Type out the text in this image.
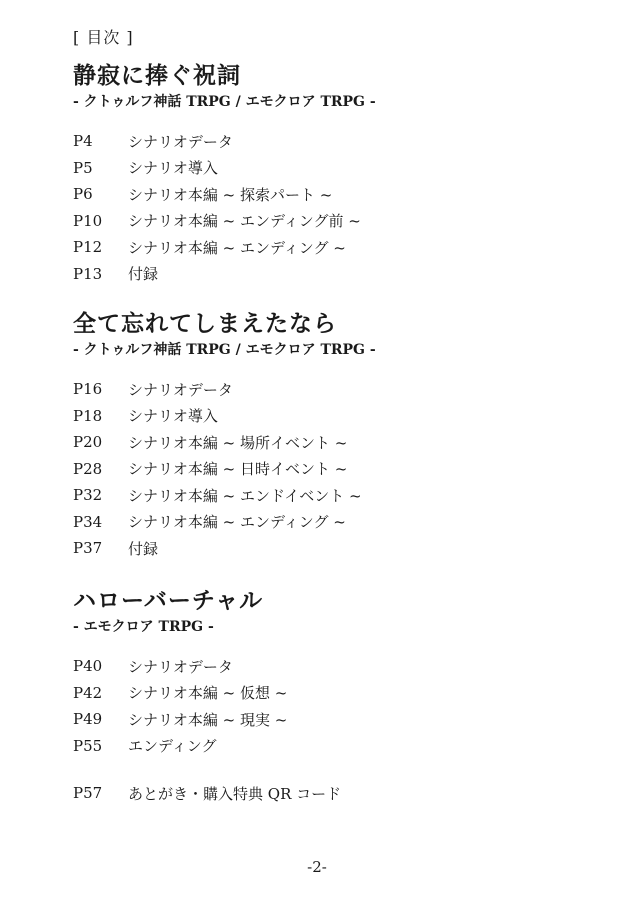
[ 目次 ]
静寂に捧ぐ祝詞
- クトゥルフ神話 TRPG / エモクロア TRPG -
P4	シナリオデータ
P5	シナリオ導入
P6	シナリオ本編 ~ 探索パート ~
P10	シナリオ本編 ~ エンディング前 ~
P12	シナリオ本編 ~ エンディング ~
P13	付録
全て忘れてしまえたなら
- クトゥルフ神話 TRPG / エモクロア TRPG -
P16	シナリオデータ
P18	シナリオ導入
P20	シナリオ本編 ~ 場所イベント ~
P28	シナリオ本編 ~ 日時イベント ~
P32	シナリオ本編 ~ エンドイベント ~
P34	シナリオ本編 ~ エンディング ~
P37	付録
ハローバーチャル
- エモクロア TRPG -
P40	シナリオデータ
P42	シナリオ本編 ~ 仮想 ~
P49	シナリオ本編 ~ 現実 ~
P55	エンディング
P57	あとがき・購入特典 QR コード
-2-
